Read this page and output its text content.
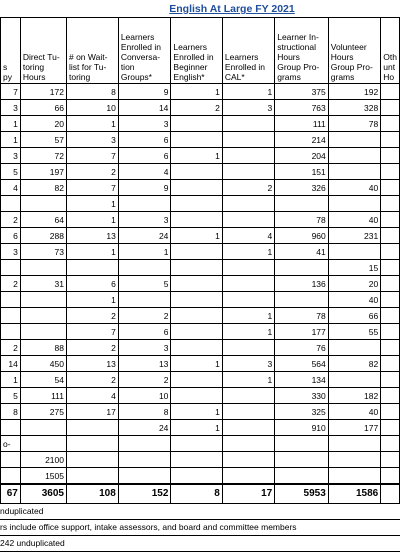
English At Large FY 2021
s
py	Direct Tu-
toring
Hours	# on Wait-
list for Tu-
toring	Learners
Enrolled in
Conversa-
tion
Groups*	Learners
Enrolled in
Beginner
English*	Learners
Enrolled in
CAL*	Learner In-
structional
Hours
Group Pro-
grams	Volunteer
Hours
Group Pro-
grams	Oth
unt
Ho
7	172	8	9	1	1	375	192	
3	66	10	14	2	3	763	328	
1	20	1	3			111	78	
1	57	3	6			214		
3	72	7	6	1		204		
5	197	2	4			151		
4	82	7	9		2	326	40	
		1						
2	64	1	3			78	40	
6	288	13	24	1	4	960	231	
3	73	1	1		1	41		
							15	
2	31	6	5			136	20	
		1					40	
		2	2		1	78	66	
		7	6		1	177	55	
2	88	2	3			76		
14	450	13	13	1	3	564	82	
1	54	2	2		1	134		
5	111	4	10			330	182	
8	275	17	8	1		325	40	
			24	1		910	177	
o-								
	2100							
	1505							
67	3605	108	152	8	17	5953	1586	
nduplicated
rs include office support, intake assessors, and board and committee members
242 unduplicated
